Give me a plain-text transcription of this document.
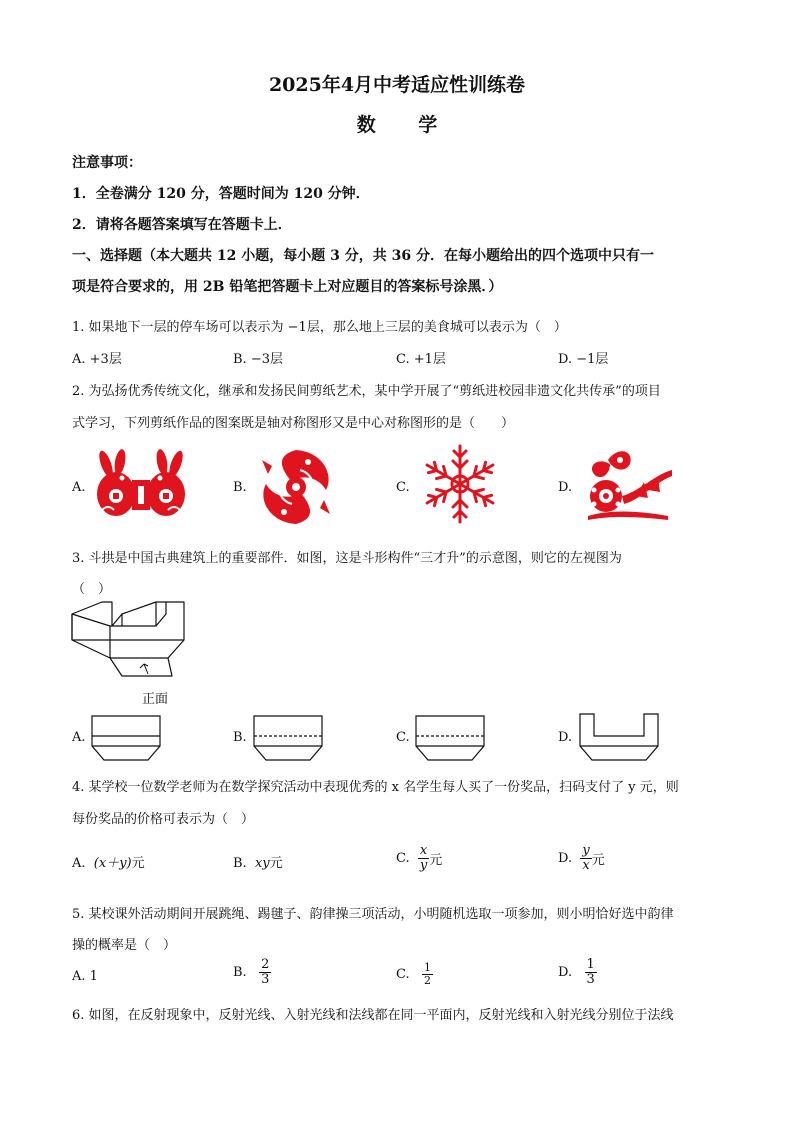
2025年4月中考适应性训练卷
数 学
注意事项：
1．全卷满分 120 分，答题时间为 120 分钟．
2．请将各题答案填写在答题卡上．
一、选择题（本大题共 12 小题，每小题 3 分，共 36 分．在每小题给出的四个选项中只有一
项是符合要求的，用 2B 铅笔把答题卡上对应题目的答案标号涂黑．）
1. 如果地下一层的停车场可以表示为 −1层，那么地上三层的美食城可以表示为（　）
A. +3层	B. −3层	C. +1层	D. −1层
2. 为弘扬优秀传统文化，继承和发扬民间剪纸艺术，某中学开展了“剪纸进校园非遗文化共传承”的项目
式学习，下列剪纸作品的图案既是轴对称图形又是中心对称图形的是（　　）
A.	B.	C.	D.
3. 斗拱是中国古典建筑上的重要部件．如图，这是斗形构件“三才升”的示意图，则它的左视图为
（　）
正面
A.	B.	C.	D.
4. 某学校一位数学老师为在数学探究活动中表现优秀的 x 名学生每人买了一份奖品，扫码支付了 y 元，则
每份奖品的价格可表示为（　）
A. (x＋y)元	B. xy元	C. $\frac{x}{y}$ 元	D. $\frac{y}{x}$ 元
5. 某校课外活动期间开展跳绳、踢毽子、韵律操三项活动，小明随机选取一项参加，则小明恰好选中韵律
操的概率是（　）
A. 1	B. $\frac{2}{3}$	C. $\frac{1}{2}$	D. $\frac{1}{3}$
6. 如图，在反射现象中，反射光线、入射光线和法线都在同一平面内，反射光线和入射光线分别位于法线
